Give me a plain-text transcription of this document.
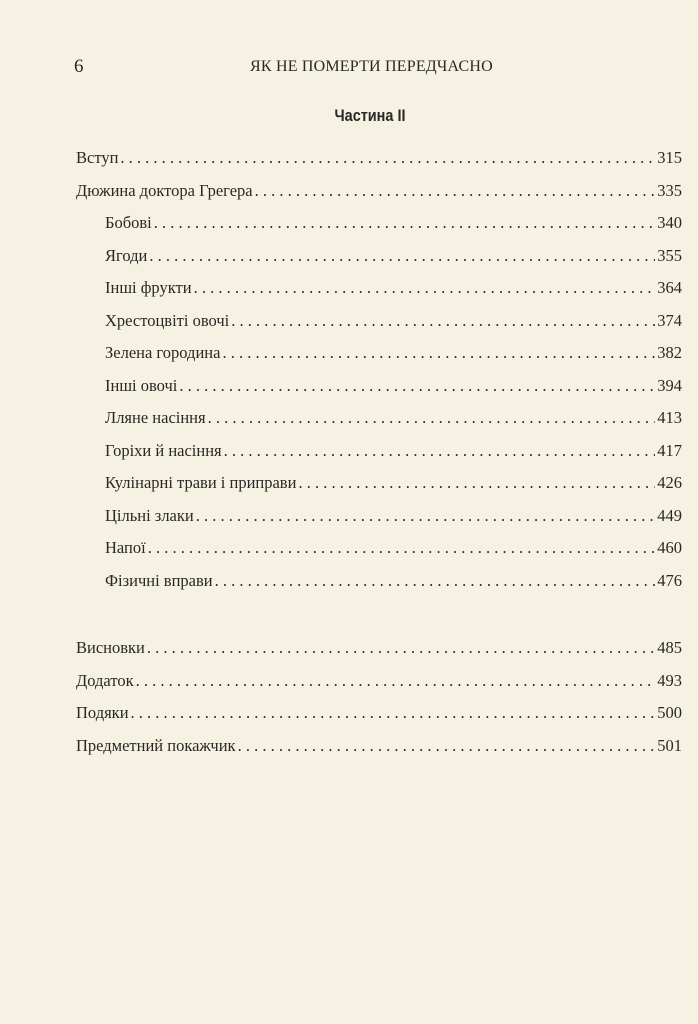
6	ЯК НЕ ПОМЕРТИ ПЕРЕДЧАСНО
Частина II
Вступ . . .	315
Дюжина доктора Грегера . . .	335
Бобові . . .	340
Ягоди . . .	355
Інші фрукти . . .	364
Хрестоцвіті овочі . . .	374
Зелена городина . . .	382
Інші овочі . . .	394
Лляне насіння . . .	413
Горіхи й насіння . . .	417
Кулінарні трави і приправи . . .	426
Цільні злаки . . .	449
Напої . . .	460
Фізичні вправи . . .	476
Висновки . . .	485
Додаток . . .	493
Подяки . . .	500
Предметний покажчик . . .	501
